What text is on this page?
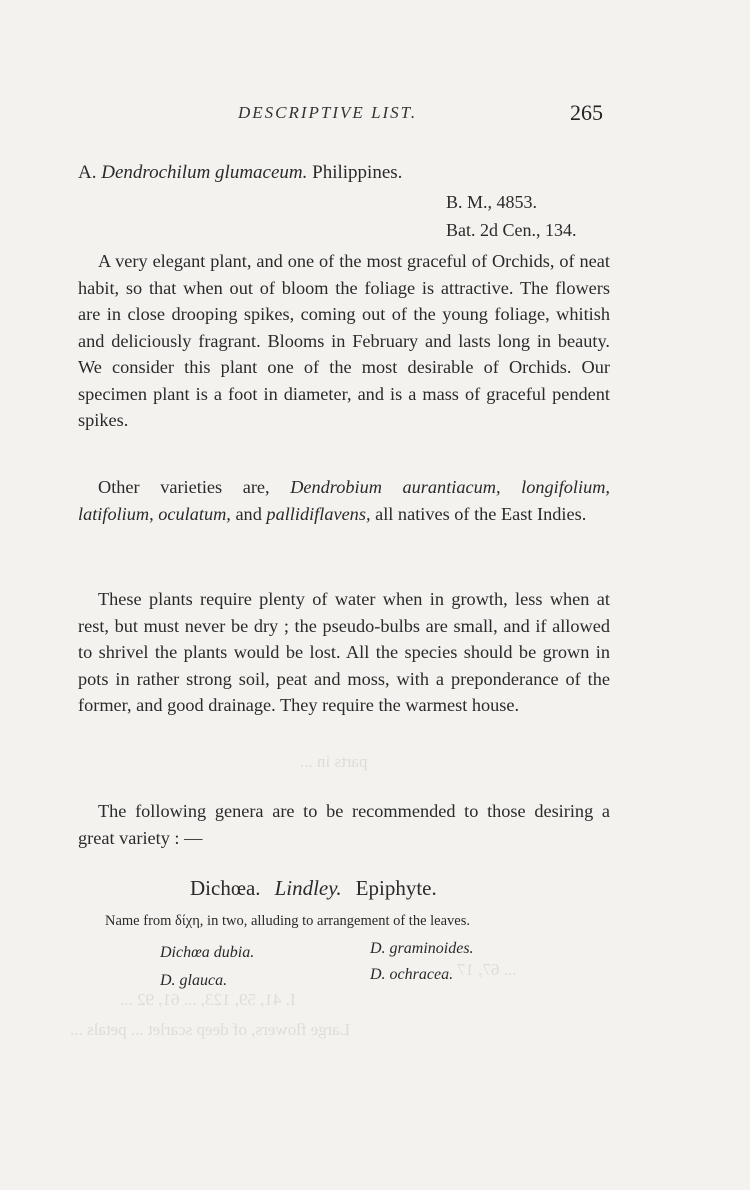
DESCRIPTIVE LIST.	265
A. Dendrochilum glumaceum. Philippines.
B. M., 4853.
Bat. 2d Cen., 134.
A very elegant plant, and one of the most graceful of Orchids, of neat habit, so that when out of bloom the foliage is attractive. The flowers are in close drooping spikes, coming out of the young foliage, whitish and deliciously fragrant. Blooms in February and lasts long in beauty. We consider this plant one of the most desirable of Orchids. Our specimen plant is a foot in diameter, and is a mass of graceful pendent spikes.
Other varieties are, Dendrobium aurantiacum, longifolium, latifolium, oculatum, and pallidiflavens, all natives of the East Indies.
These plants require plenty of water when in growth, less when at rest, but must never be dry ; the pseudo-bulbs are small, and if allowed to shrivel the plants would be lost. All the species should be grown in pots in rather strong soil, peat and moss, with a preponderance of the former, and good drainage. They require the warmest house.
The following genera are to be recommended to those desiring a great variety : —
Dichœa. Lindley. Epiphyte.
Name from δίχη, in two, alluding to arrangement of the leaves.
Dichœa dubia.	D. graminoides.
D. glauca.	D. ochracea.
parts in ...
... 67, 17 ...
I. 41, 59, 123, ... 61, 92 ...
Large flowers, of deep scarlet ... petals ...
